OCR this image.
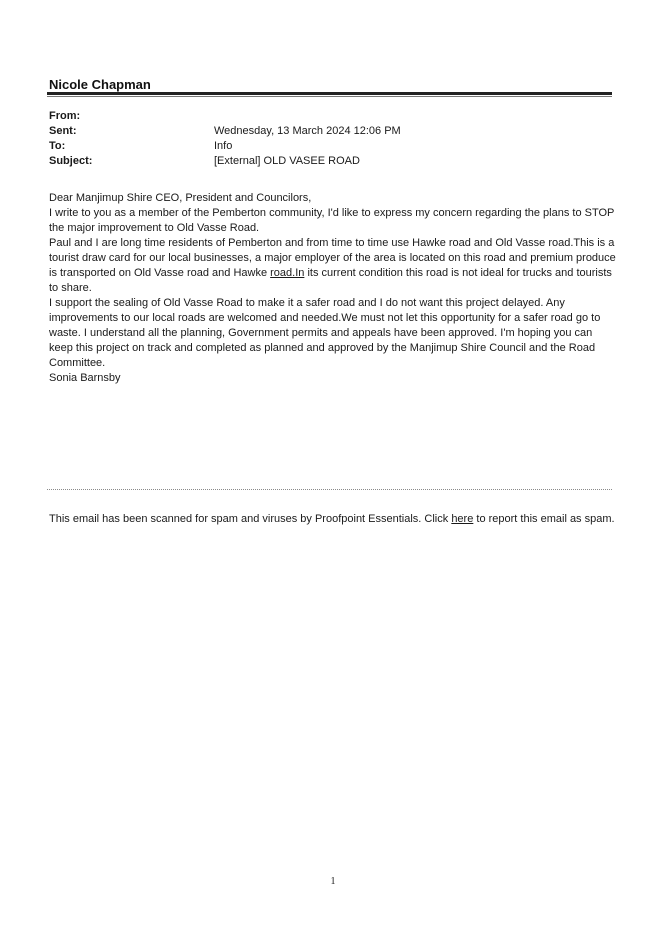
Nicole Chapman
From:
Sent:	Wednesday, 13 March 2024 12:06 PM
To:	Info
Subject:	[External] OLD VASEE ROAD

Dear Manjimup Shire CEO, President and Councilors,

I write to you as a member of the Pemberton community, I'd like to express my concern regarding the plans to STOP the major improvement to Old Vasse Road.

Paul and I are long time residents of Pemberton and from time to time use Hawke road and Old Vasse road.This is a tourist draw card for our local businesses, a major employer of the area is located on this road and premium produce is transported on Old Vasse road and Hawke road.In its current condition this road is not ideal for trucks and tourists to share.

I support the sealing of Old Vasse Road to make it a safer road and I do not want this project delayed. Any improvements to our local roads are welcomed and needed.We must not let this opportunity for a safer road go to waste. I understand all the planning, Government permits and appeals have been approved. I'm hoping you can keep this project on track and completed as planned and approved by the Manjimup Shire Council and the Road Committee.

Sonia Barnsby

This email has been scanned for spam and viruses by Proofpoint Essentials. Click here to report this email as spam.
1
